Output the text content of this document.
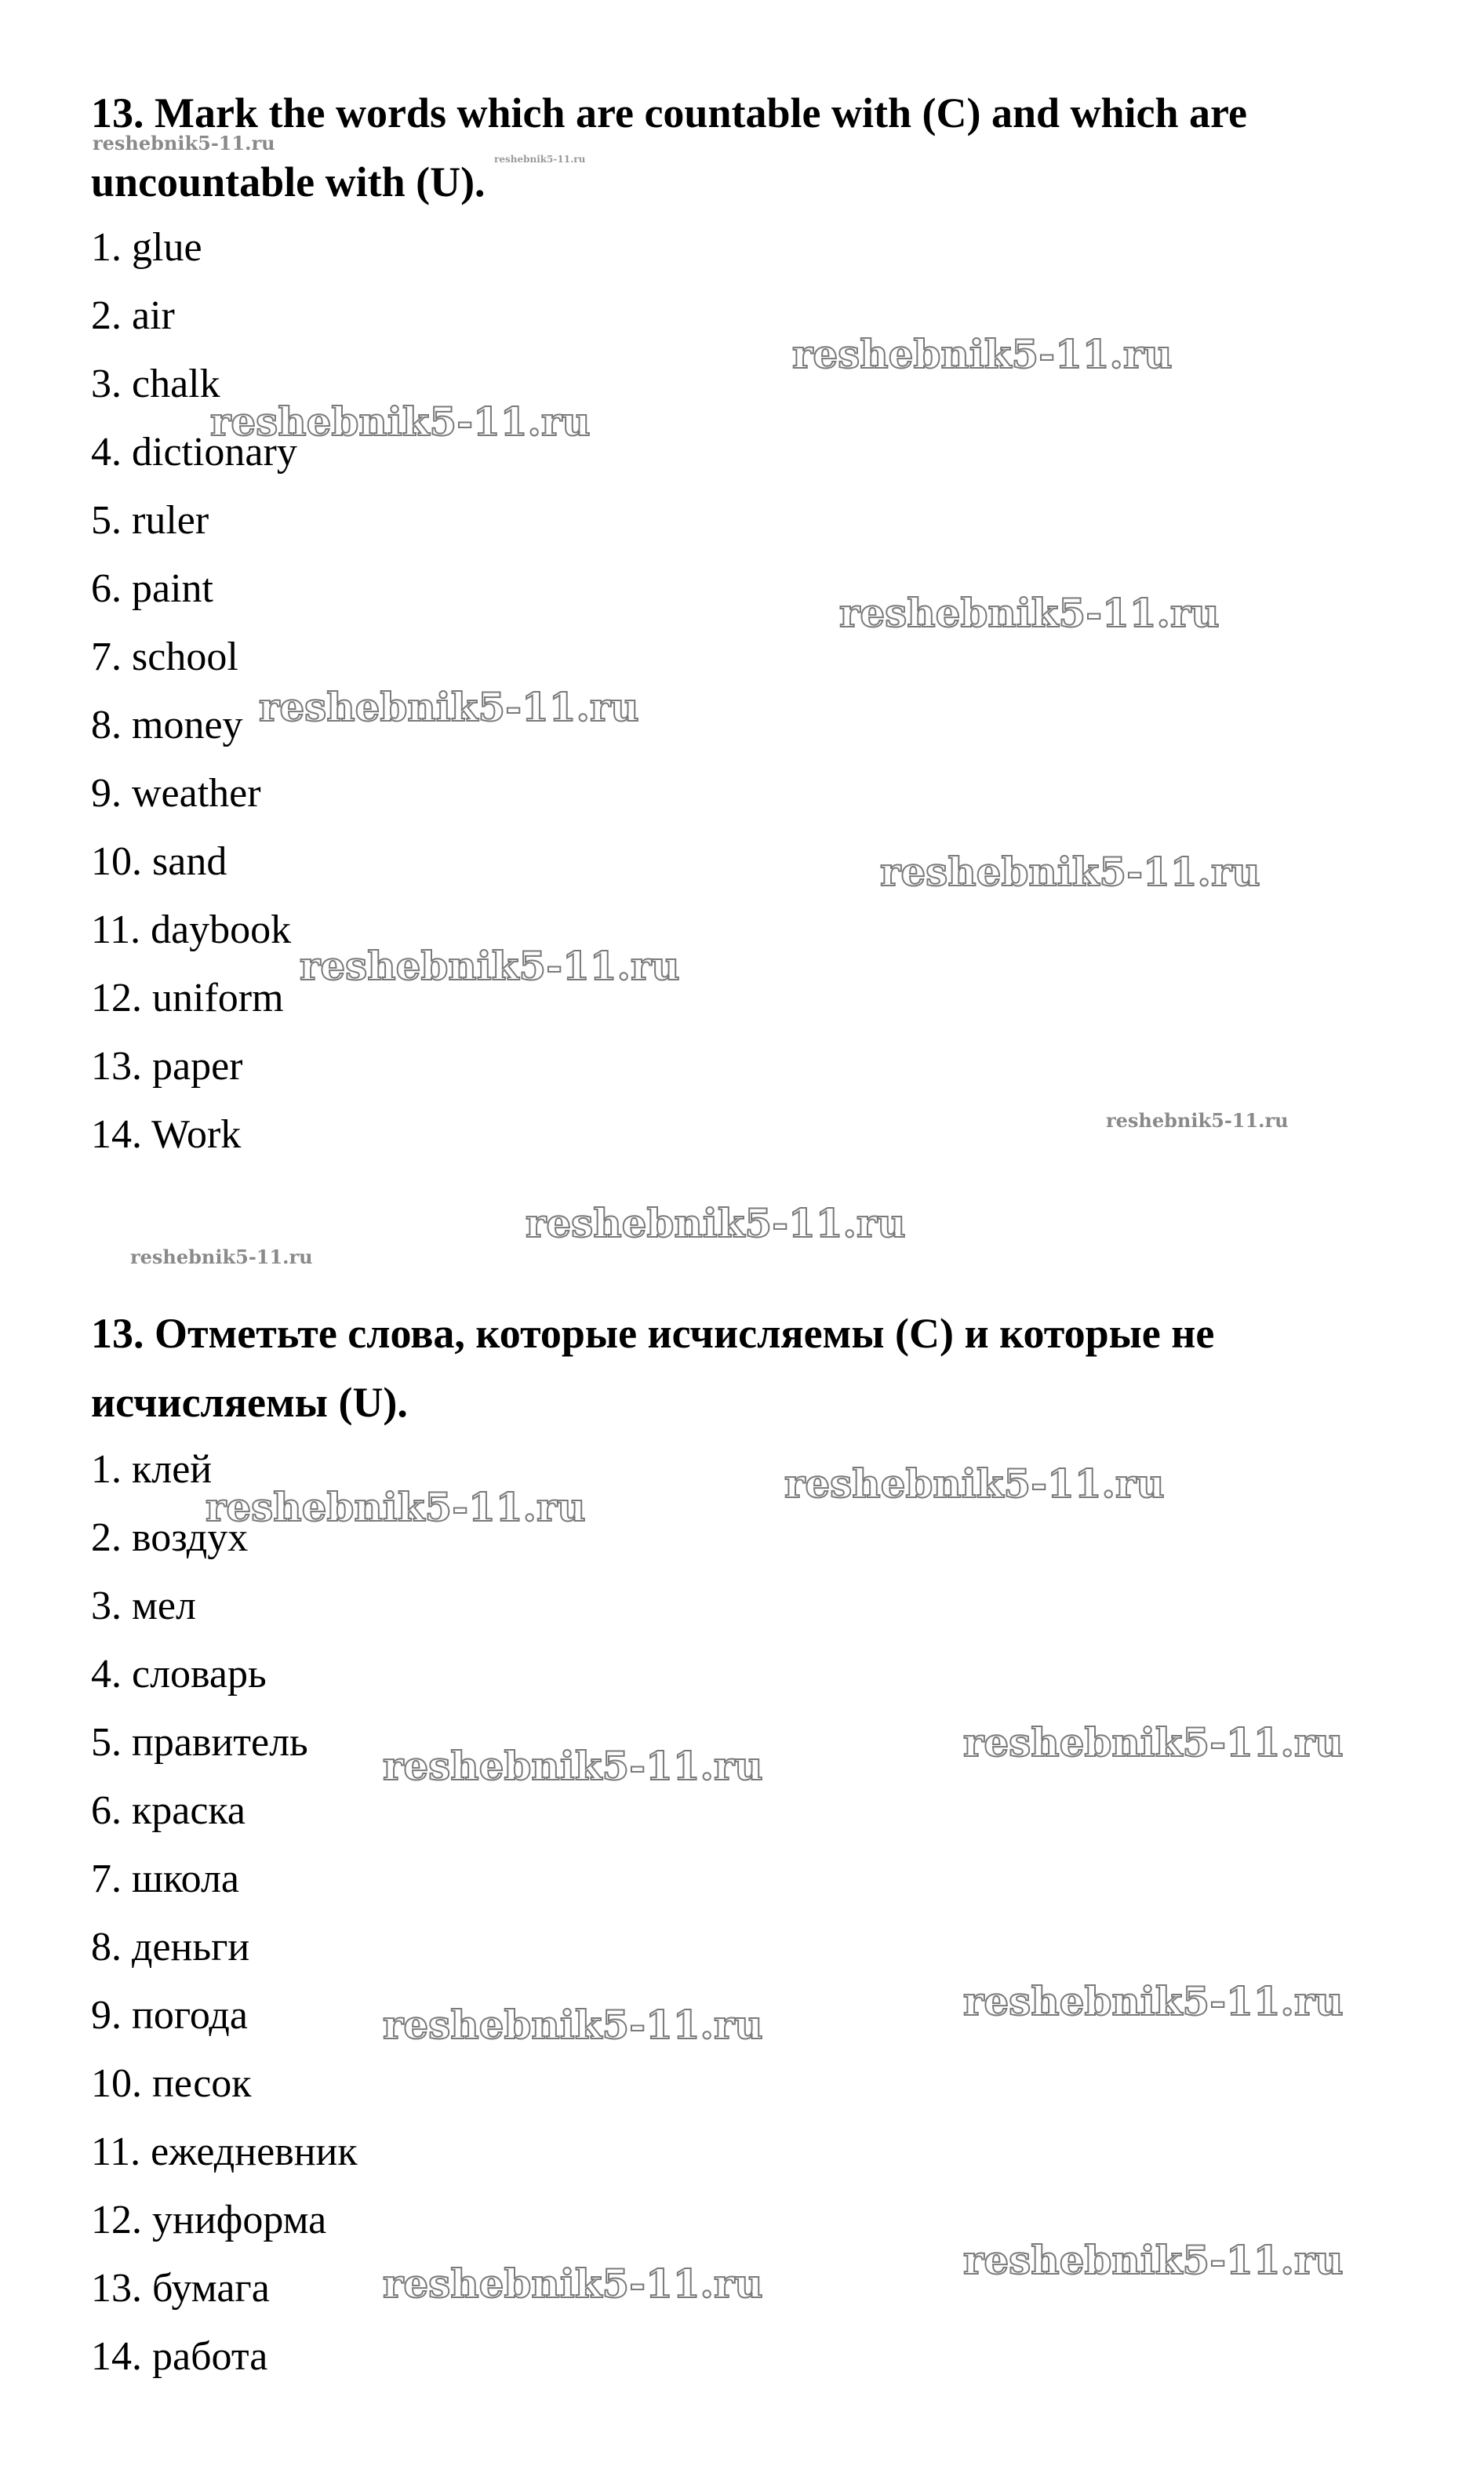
13. Mark the words which are countable with (C) and which are
uncountable with (U).
1. glue
2. air
3. chalk
4. dictionary
5. ruler
6. paint
7. school
8. money
9. weather
10. sand
11. daybook
12. uniform
13. paper
14. Work
13. Отметьте слова, которые исчисляемы (C) и которые не
исчисляемы (U).
1. клей
2. воздух
3. мел
4. словарь
5. правитель
6. краска
7. школа
8. деньги
9. погода
10. песок
11. ежедневник
12. униформа
13. бумага
14. работа
reshebnik5-11.ru
reshebnik5-11.ru
reshebnik5-11.ru
reshebnik5-11.ru
reshebnik5-11.ru
reshebnik5-11.ru
reshebnik5-11.ru
reshebnik5-11.ru
reshebnik5-11.ru
reshebnik5-11.ru
reshebnik5-11.ru
reshebnik5-11.ru
reshebnik5-11.ru
reshebnik5-11.ru
reshebnik5-11.ru
reshebnik5-11.ru
reshebnik5-11.ru
reshebnik5-11.ru
reshebnik5-11.ru
